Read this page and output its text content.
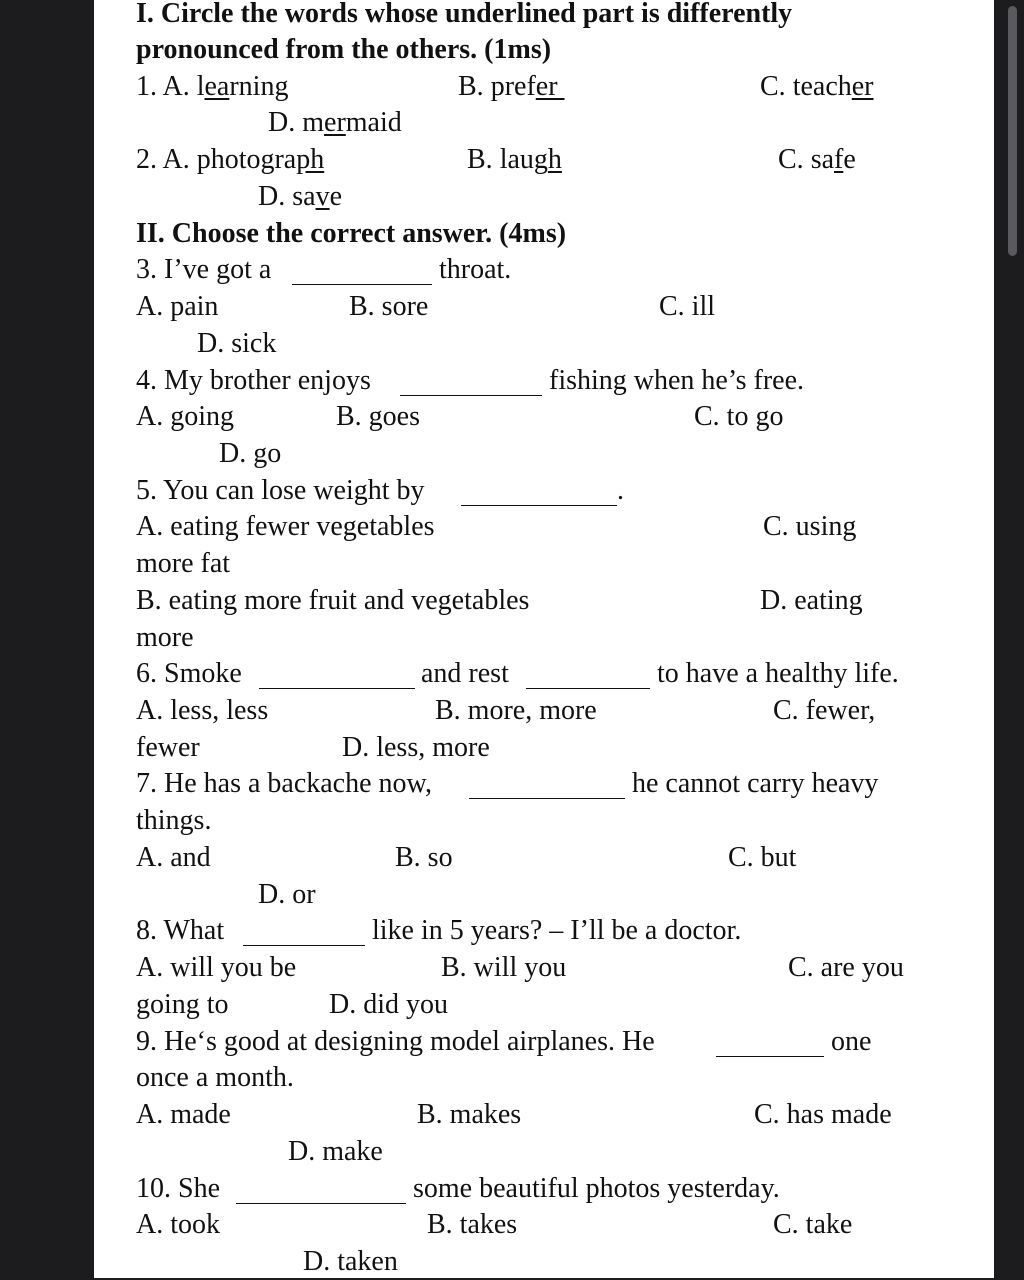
I. Circle the words whose underlined part is differently
pronounced from the others. (1ms)
1. A. learning	B. prefer	C. teacher
D. mermaid
2. A. photograph	B. laugh	C. safe
D. save
II. Choose the correct answer. (4ms)
3. I’ve got a	throat.
A. pain	B. sore	C. ill
D. sick
4. My brother enjoys	fishing when he’s free.
A. going	B. goes	C. to go
D. go
5. You can lose weight by	.
A. eating fewer vegetables	C. using
more fat
B. eating more fruit and vegetables	D. eating
more
6. Smoke	and rest	to have a healthy life.
A. less, less	B. more, more	C. fewer,
fewer	D. less, more
7. He has a backache now,	he cannot carry heavy
things.
A. and	B. so	C. but
D. or
8. What	like in 5 years? – I’ll be a doctor.
A. will you be	B. will you	C. are you
going to	D. did you
9. He‘s good at designing model airplanes. He	one
once a month.
A. made	B. makes	C. has made
D. make
10. She	some beautiful photos yesterday.
A. took	B. takes	C. take
D. taken
